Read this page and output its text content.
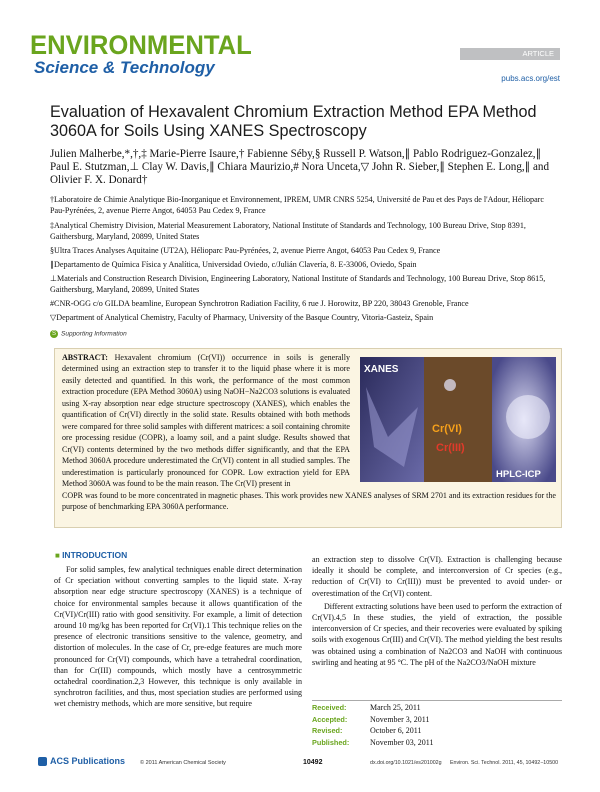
ENVIRONMENTAL
Science & Technology
ARTICLE
pubs.acs.org/est
Evaluation of Hexavalent Chromium Extraction Method EPA Method 3060A for Soils Using XANES Spectroscopy
Julien Malherbe,*,†,‡ Marie-Pierre Isaure,† Fabienne Séby,§ Russell P. Watson,∥ Pablo Rodriguez-Gonzalez,∥ Paul E. Stutzman,⊥ Clay W. Davis,∥ Chiara Maurizio,# Nora Unceta,▽ John R. Sieber,∥ Stephen E. Long,∥ and Olivier F. X. Donard†
†Laboratoire de Chimie Analytique Bio-Inorganique et Environnement, IPREM, UMR CNRS 5254, Université de Pau et des Pays de l'Adour, Hélioparc Pau-Pyrénées, 2, avenue Pierre Angot, 64053 Pau Cedex 9, France
‡Analytical Chemistry Division, Material Measurement Laboratory, National Institute of Standards and Technology, 100 Bureau Drive, Stop 8391, Gaithersburg, Maryland, 20899, United States
§Ultra Traces Analyses Aquitaine (UT2A), Hélioparc Pau-Pyrénées, 2, avenue Pierre Angot, 64053 Pau Cedex 9, France
∥Departamento de Química Física y Analítica, Universidad Oviedo, c/Julián Clavería, 8. E-33006, Oviedo, Spain
⊥Materials and Construction Research Division, Engineering Laboratory, National Institute of Standards and Technology, 100 Bureau Drive, Stop 8615, Gaithersburg, Maryland, 20899, United States
#CNR-OGG c/o GILDA beamline, European Synchrotron Radiation Facility, 6 rue J. Horowitz, BP 220, 38043 Grenoble, France
▽Department of Analytical Chemistry, Faculty of Pharmacy, University of the Basque Country, Vitoria-Gasteiz, Spain
S Supporting Information
ABSTRACT: Hexavalent chromium (Cr(VI)) occurrence in soils is generally determined using an extraction step to transfer it to the liquid phase where it is more easily detected and quantified. In this work, the performance of the most common extraction procedure (EPA Method 3060A) using NaOH−Na2CO3 solutions is evaluated using X-ray absorption near edge structure spectroscopy (XANES), which enables the quantification of Cr(VI) directly in the solid state. Results obtained with both methods were compared for three solid samples with different matrices: a soil containing chromite ore processing residue (COPR), a loamy soil, and a paint sludge. Results showed that Cr(VI) contents determined by the two methods differ significantly, and that the EPA Method 3060A procedure underestimated the Cr(VI) content in all studied samples. The underestimation is particularly pronounced for COPR. Low extraction yield for EPA Method 3060A was found to be the main reason. The Cr(VI) present in
COPR was found to be more concentrated in magnetic phases. This work provides new XANES analyses of SRM 2701 and its extraction residues for the purpose of benchmarking EPA 3060A performance.
XANES
Cr(VI)
Cr(III)
HPLC-ICP
■ INTRODUCTION
For solid samples, few analytical techniques enable direct determination of Cr speciation without converting samples to the liquid state. X-ray absorption near edge structure spectroscopy (XANES) is a technique of choice for environmental samples because it allows quantification of the Cr(VI)/Cr(III) ratio with good sensitivity. For example, a limit of detection around 10 mg/kg has been reported for Cr(VI).1 This technique relies on the presence of electronic transitions sensitive to the valence, geometry, and distortion of molecules. In the case of Cr, pre-edge features are much more pronounced for Cr(VI) compounds, which have a tetrahedral coordination, than for Cr(III) compounds, which mostly have a centrosymmetric octahedral coordination.2,3 However, this technique is only available in synchrotron facilities, and thus, most speciation studies are performed using wet chemistry methods, which are more sensitive, but require
an extraction step to dissolve Cr(VI). Extraction is challenging because ideally it should be complete, and interconversion of Cr species (e.g., reduction of Cr(VI) to Cr(III)) must be prevented to avoid under- or overestimation of the Cr(VI) content.
Different extracting solutions have been used to perform the extraction of Cr(VI).4,5 In these studies, the yield of extraction, the possible interconversion of Cr species, and their recoveries were evaluated by spiking soils with exogenous Cr(III) and Cr(VI). The method yielding the best results was obtained using a combination of Na2CO3 and NaOH with continuous swirling and heating at 95 °C. The pH of the Na2CO3/NaOH mixture
Received:	March 25, 2011
Accepted:	November 3, 2011
Revised:	October 6, 2011
Published:	November 03, 2011
ACS Publications	© 2011 American Chemical Society	10492	dx.doi.org/10.1021/es201002g Environ. Sci. Technol. 2011, 45, 10492−10500
